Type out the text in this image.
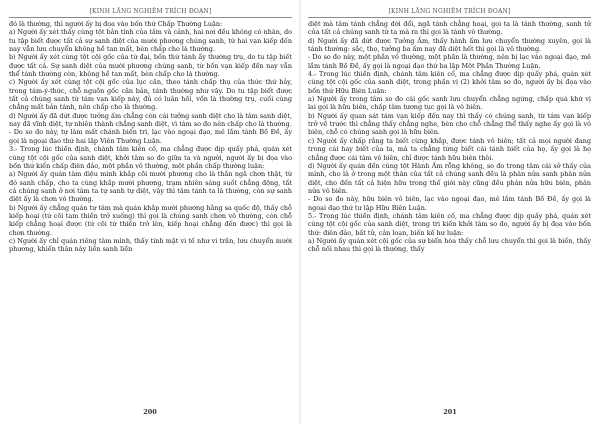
[KINH LĂNG NGHIÊM TRÍCH ĐOẠN]

đó là thường, thì người ấy bị đọa vào bốn thứ Chấp Thường Luận:

a) Người ấy xét thấy cùng tột bản tính của tâm và cảnh, hai nơi đều không có nhân, do tu tập biết được tất cả sự sanh diệt của mười phương chúng sanh, từ hai vạn kiếp đến nay vẫn lưu chuyển không hề tan mất, bèn chấp cho là thường.

b) Người ấy xét cùng tột cội gốc của tứ đại, bốn thứ tánh ấy thường trụ, do tu tập biết được tất cả. Sự sanh diệt của mười phương chúng sanh, từ bốn vạn kiếp đến nay vẫn thể tánh thường còn, không hề tan mất, bèn chấp cho là thường.

c) Người ấy xét cùng tột cội gốc của lục căn, theo tánh chấp thụ của thức thứ bảy, trong tám-ý-thức, chỗ nguồn gốc căn bản, tánh thường như vậy. Do tu tập biết được tất cả chúng sanh từ tám vạn kiếp này, đủ có luân hồi, vốn là thường trụ, cuối cùng chẳng mất bản tánh, nên chấp cho là thường.

d) Người ấy đã dứt được tưởng ấm chẳng còn cái tưởng sanh diệt cho là tâm sanh diệt, nay đã vĩnh diệt, tự nhiên thành chẳng sanh diệt, vì tâm so đo nên chấp cho là thường.

- Do so đo này, tự làm mất chánh biến tri, lạc vào ngoại đạo, mê lầm tánh Bồ Đề, ấy gọi là ngoại đạo thứ hai lập Viên Thường Luận.

3.- Trong lúc thiền định, chánh tâm kiên cố, ma chẳng được dịp quấy phá, quán xét cùng tột cội gốc của sanh diệt, khởi tâm so đo giữa ta và người, người ấy bị đọa vào bốn thứ kiến chấp điên đảo, một phần vô thường, một phần chấp thường luận:

a) Người ấy quán tâm diệu minh khắp cõi mười phương cho là thần ngã chơn thật, từ đó sanh chấp, cho ta cùng khắp mười phương, trạm nhiên sáng suốt chẳng động, tất cả chúng sanh ở nơi tâm ta tự sanh tự diệt, vậy thì tâm tánh ta là thường, còn sự sanh diệt ấy là chơn vô thường.

b) Người ấy chẳng quán tự tâm mà quán khắp mười phương hằng sa quốc độ, thấy chỗ kiếp hoại (tứ cõi tam thiền trở xuống) thì gọi là chúng sanh chơn vô thường, còn chỗ kiếp chẳng hoại được (tứ cõi tứ thiền trở lên, kiếp hoại chẳng đến được) thì gọi là chơn thường.

c) Người ấy chỉ quán riêng tâm mình, thấy tinh mật vi tế như vi trần, lưu chuyển mười phương, khiến thân này liền sanh liền

200
[KINH LĂNG NGHIÊM TRÍCH ĐOẠN]

diệt mà tâm tánh chẳng dời đổi, ngã tánh chẳng hoại, gọi ta là tánh thường, sanh tử của tất cả chúng sanh từ ta mà ra thì gọi là tánh vô thường.

d) Người ấy đã dứt được Tưởng Ấm, thấy hành ấm lưu chuyển thường xuyên, gọi là tánh thường: sắc, thọ, tưởng ba ấm nay đã diệt hết thì gọi là vô thường.

- Do so đo này, một phần vô thường, một phần là thường, nên bị lạc vào ngoại đạo, mê lầm tánh Bồ Đề, ấy gọi là ngoại đạo thứ ba lập Một Phần Thường Luận.

4.- Trong lúc thiền định, chánh tâm kiên cố, ma chẳng được dịp quấy phá, quán xét cùng tột cội gốc của sanh diệt, trong phần vị (2) khởi tâm so đo, người ấy bị đọa vào bốn thứ Hữu Biên Luận:

a) Người ấy trong tâm so đo cái gốc sanh lưu chuyển chẳng ngừng, chấp quá khứ vị lai gọi là hữu biên, chấp tâm tương tục gọi là vô biên.

b) Người ấy quan sát tám vạn kiếp đến nay thì thấy có chúng sanh, từ tám vạn kiếp trở về trước thì chẳng thấy chẳng nghe, bèn cho chỗ chẳng thể thấy nghe ấy gọi là vô biên, chỗ có chúng sanh gọi là hữu biên.

c) Người ấy chấp rằng ta biết cùng khắp, được tánh vô biên; tất cả mọi người đang trong cái hay biết của ta, mà ta chẳng từng biết cái tánh biết của họ, ấy gọi là họ chẳng được cái tâm vô biên, chỉ được tánh hữu biên thôi.

d) Người ấy quán đến cùng tột Hành Ấm rỗng không, so đo trong tâm cái sở thấy của mình, cho là ở trong một thân của tất cả chúng sanh đều là phân nửa sanh phân nửa diệt, cho đến tất cả hiện hữu trong thế giới này cũng đều phân nửa hữu biên, phân nửa vô biên.

- Do so đo này, hữu biên vô biên, lạc vào ngoại đạo, mê lầm tánh Bồ Đề, ấy gọi là ngoại đạo thứ tư lập Hữu Biên Luận.

5.- Trong lúc thiền định, chánh tâm kiên cố, ma chẳng được dịp quấy phá, quán xét cùng tột cội gốc của sanh diệt, trong tri kiến khởi tâm so đo, người ấy bị đọa vào bốn thứ: điên đảo, bất tử, cản loạn, biến kế hư luận:

a) Người ấy quán xét cội gốc của sự biến hóa thấy chỗ lưu chuyển thì gọi là biến, thấy chỗ nối nhau thì gọi là thường, thấy

201
